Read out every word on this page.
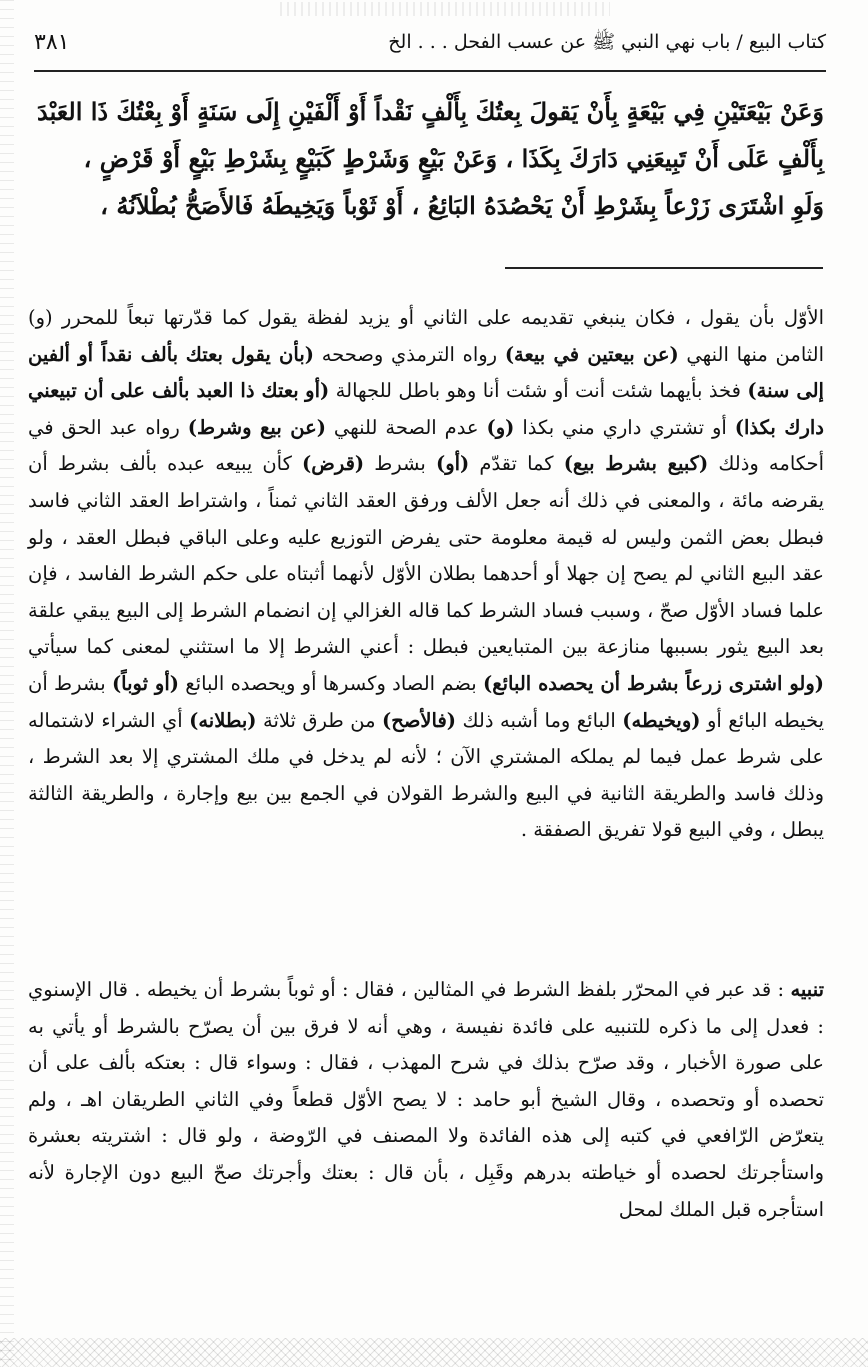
كتاب البيع / باب نهي النبي ﷺ عن عسب الفحل . . . الخ
٣٨١

وَعَنْ بَيْعَتَيْنِ فِي بَيْعَةٍ بِأَنْ يَقولَ بِعتُكَ بِأَلْفٍ نَقْداً أَوْ أَلْفَيْنِ إِلَى سَنَةٍ أَوْ بِعْتُكَ ذَا العَبْدَ

بِأَلْفٍ عَلَى أَنْ تَبِيعَنِي دَارَكَ بِكَذَا ، وَعَنْ بَيْعٍ وَشَرْطٍ كَبَيْعٍ بِشَرْطِ بَيْعٍ أَوْ قَرْضٍ ،

وَلَوِ اشْتَرَى زَرْعاً بِشَرْطِ أَنْ يَحْصُدَهُ البَائِعُ ، أَوْ ثَوْباً وَيَخِيطَهُ فَالأَصَحُّ بُطْلاَنُهُ ،

الأوّل بأن يقول ، فكان ينبغي تقديمه على الثاني أو يزيد لفظة يقول كما قدّرتها تبعاً للمحرر (و) الثامن منها النهي (عن بيعتين في بيعة) رواه الترمذي وصححه (بأن يقول بعتك بألف نقداً أو ألفين إلى سنة) فخذ بأيهما شئت أنت أو شئت أنا وهو باطل للجهالة (أو بعتك ذا العبد بألف على أن تبيعني دارك بكذا) أو تشتري داري مني بكذا (و) عدم الصحة للنهي (عن بيع وشرط) رواه عبد الحق في أحكامه وذلك (كبيع بشرط بيع) كما تقدّم (أو) بشرط (قرض) كأن يبيعه عبده بألف بشرط أن يقرضه مائة ، والمعنى في ذلك أنه جعل الألف ورفق العقد الثاني ثمناً ، واشتراط العقد الثاني فاسد فبطل بعض الثمن وليس له قيمة معلومة حتى يفرض التوزيع عليه وعلى الباقي فبطل العقد ، ولو عقد البيع الثاني لم يصح إن جهلا أو أحدهما بطلان الأوّل لأنهما أثبتاه على حكم الشرط الفاسد ، فإن علما فساد الأوّل صحّ ، وسبب فساد الشرط كما قاله الغزالي إن انضمام الشرط إلى البيع يبقي علقة بعد البيع يثور بسببها منازعة بين المتبايعين فبطل : أعني الشرط إلا ما استثني لمعنى كما سيأتي (ولو اشترى زرعاً بشرط أن يحصده البائع) بضم الصاد وكسرها أو ويحصده البائع (أو ثوباً) بشرط أن يخيطه البائع أو (ويخيطه) البائع وما أشبه ذلك (فالأصح) من طرق ثلاثة (بطلانه) أي الشراء لاشتماله على شرط عمل فيما لم يملكه المشتري الآن ؛ لأنه لم يدخل في ملك المشتري إلا بعد الشرط ، وذلك فاسد والطريقة الثانية في البيع والشرط القولان في الجمع بين بيع وإجارة ، والطريقة الثالثة يبطل ، وفي البيع قولا تفريق الصفقة .

تنبيه : قد عبر في المحرّر بلفظ الشرط في المثالين ، فقال : أو ثوباً بشرط أن يخيطه . قال الإسنوي : فعدل إلى ما ذكره للتنبيه على فائدة نفيسة ، وهي أنه لا فرق بين أن يصرّح بالشرط أو يأتي به على صورة الأخبار ، وقد صرّح بذلك في شرح المهذب ، فقال : وسواء قال : بعتكه بألف على أن تحصده أو وتحصده ، وقال الشيخ أبو حامد : لا يصح الأوّل قطعاً وفي الثاني الطريقان اهـ ، ولم يتعرّض الرّافعي في كتبه إلى هذه الفائدة ولا المصنف في الرّوضة ، ولو قال : اشتريته بعشرة واستأجرتك لحصده أو خياطته بدرهم وقَبِل ، بأن قال : بعتك وأجرتك صحّ البيع دون الإجارة لأنه استأجره قبل الملك لمحل
